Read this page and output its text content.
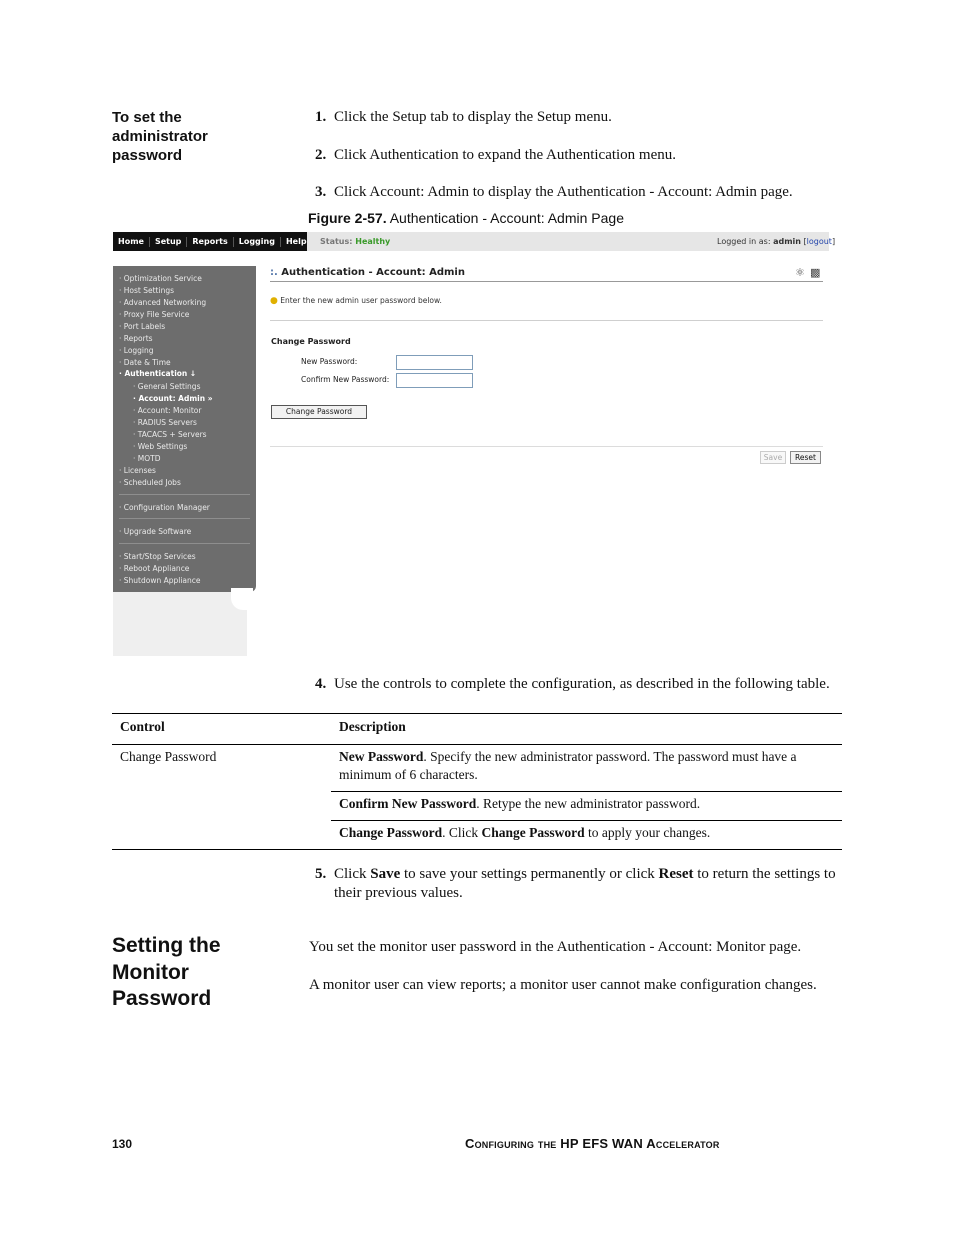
To set the administrator password
1. Click the Setup tab to display the Setup menu.
2. Click Authentication to expand the Authentication menu.
3. Click Account: Admin to display the Authentication - Account: Admin page.
Figure 2-57. Authentication - Account: Admin Page
Home	Setup	Reports	Logging	Help	Status: Healthy	Logged in as: admin [logout]
· Optimization Service
· Host Settings
· Advanced Networking
· Proxy File Service
· Port Labels
· Reports
· Logging
· Date & Time
· Authentication ↓
· General Settings
· Account: Admin »
· Account: Monitor
· RADIUS Servers
· TACACS + Servers
· Web Settings
· MOTD
· Licenses
· Scheduled Jobs
· Configuration Manager
· Upgrade Software
· Start/Stop Services
· Reboot Appliance
· Shutdown Appliance
:. Authentication - Account: Admin	⚛ ▩
● Enter the new admin user password below.
Change Password
New Password:
Confirm New Password:
Change Password
Save	Reset
4. Use the controls to complete the configuration, as described in the following table.
Control	Description
Change Password	New Password. Specify the new administrator password. The password must have a minimum of 6 characters.
	Confirm New Password. Retype the new administrator password.
	Change Password. Click Change Password to apply your changes.
5. Click Save to save your settings permanently or click Reset to return the settings to their previous values.
Setting the Monitor Password
You set the monitor user password in the Authentication - Account: Monitor page.
A monitor user can view reports; a monitor user cannot make configuration changes.
130	Configuring the HP EFS WAN Accelerator
